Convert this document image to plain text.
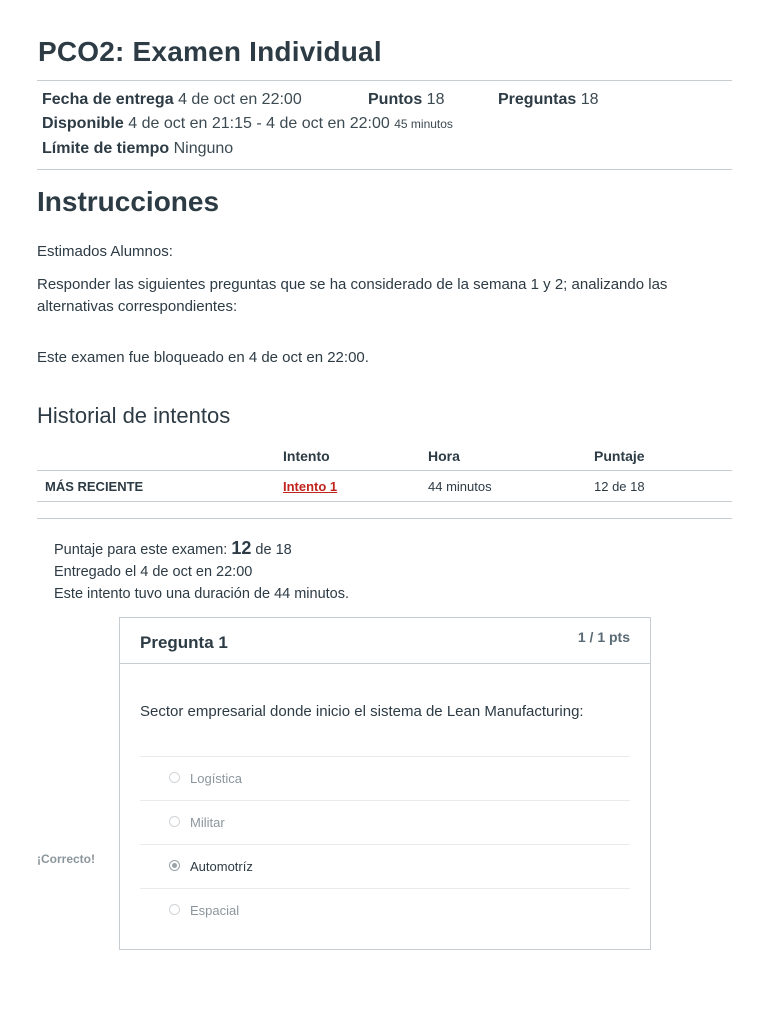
PCO2: Examen Individual
Fecha de entrega 4 de oct en 22:00	Puntos 18	Preguntas 18
Disponible 4 de oct en 21:15 - 4 de oct en 22:00 45 minutos
Límite de tiempo Ninguno
Instrucciones
Estimados Alumnos:
Responder las siguientes preguntas que se ha considerado de la semana 1 y 2; analizando las
alternativas correspondientes:
Este examen fue bloqueado en 4 de oct en 22:00.
Historial de intentos
	Intento	Hora	Puntaje
MÁS RECIENTE	Intento 1	44 minutos	12 de 18
Puntaje para este examen: 12 de 18
Entregado el 4 de oct en 22:00
Este intento tuvo una duración de 44 minutos.
Pregunta 1	1 / 1 pts
Sector empresarial donde inicio el sistema de Lean Manufacturing:
Logística
Militar
Automotríz
Espacial
¡Correcto!
